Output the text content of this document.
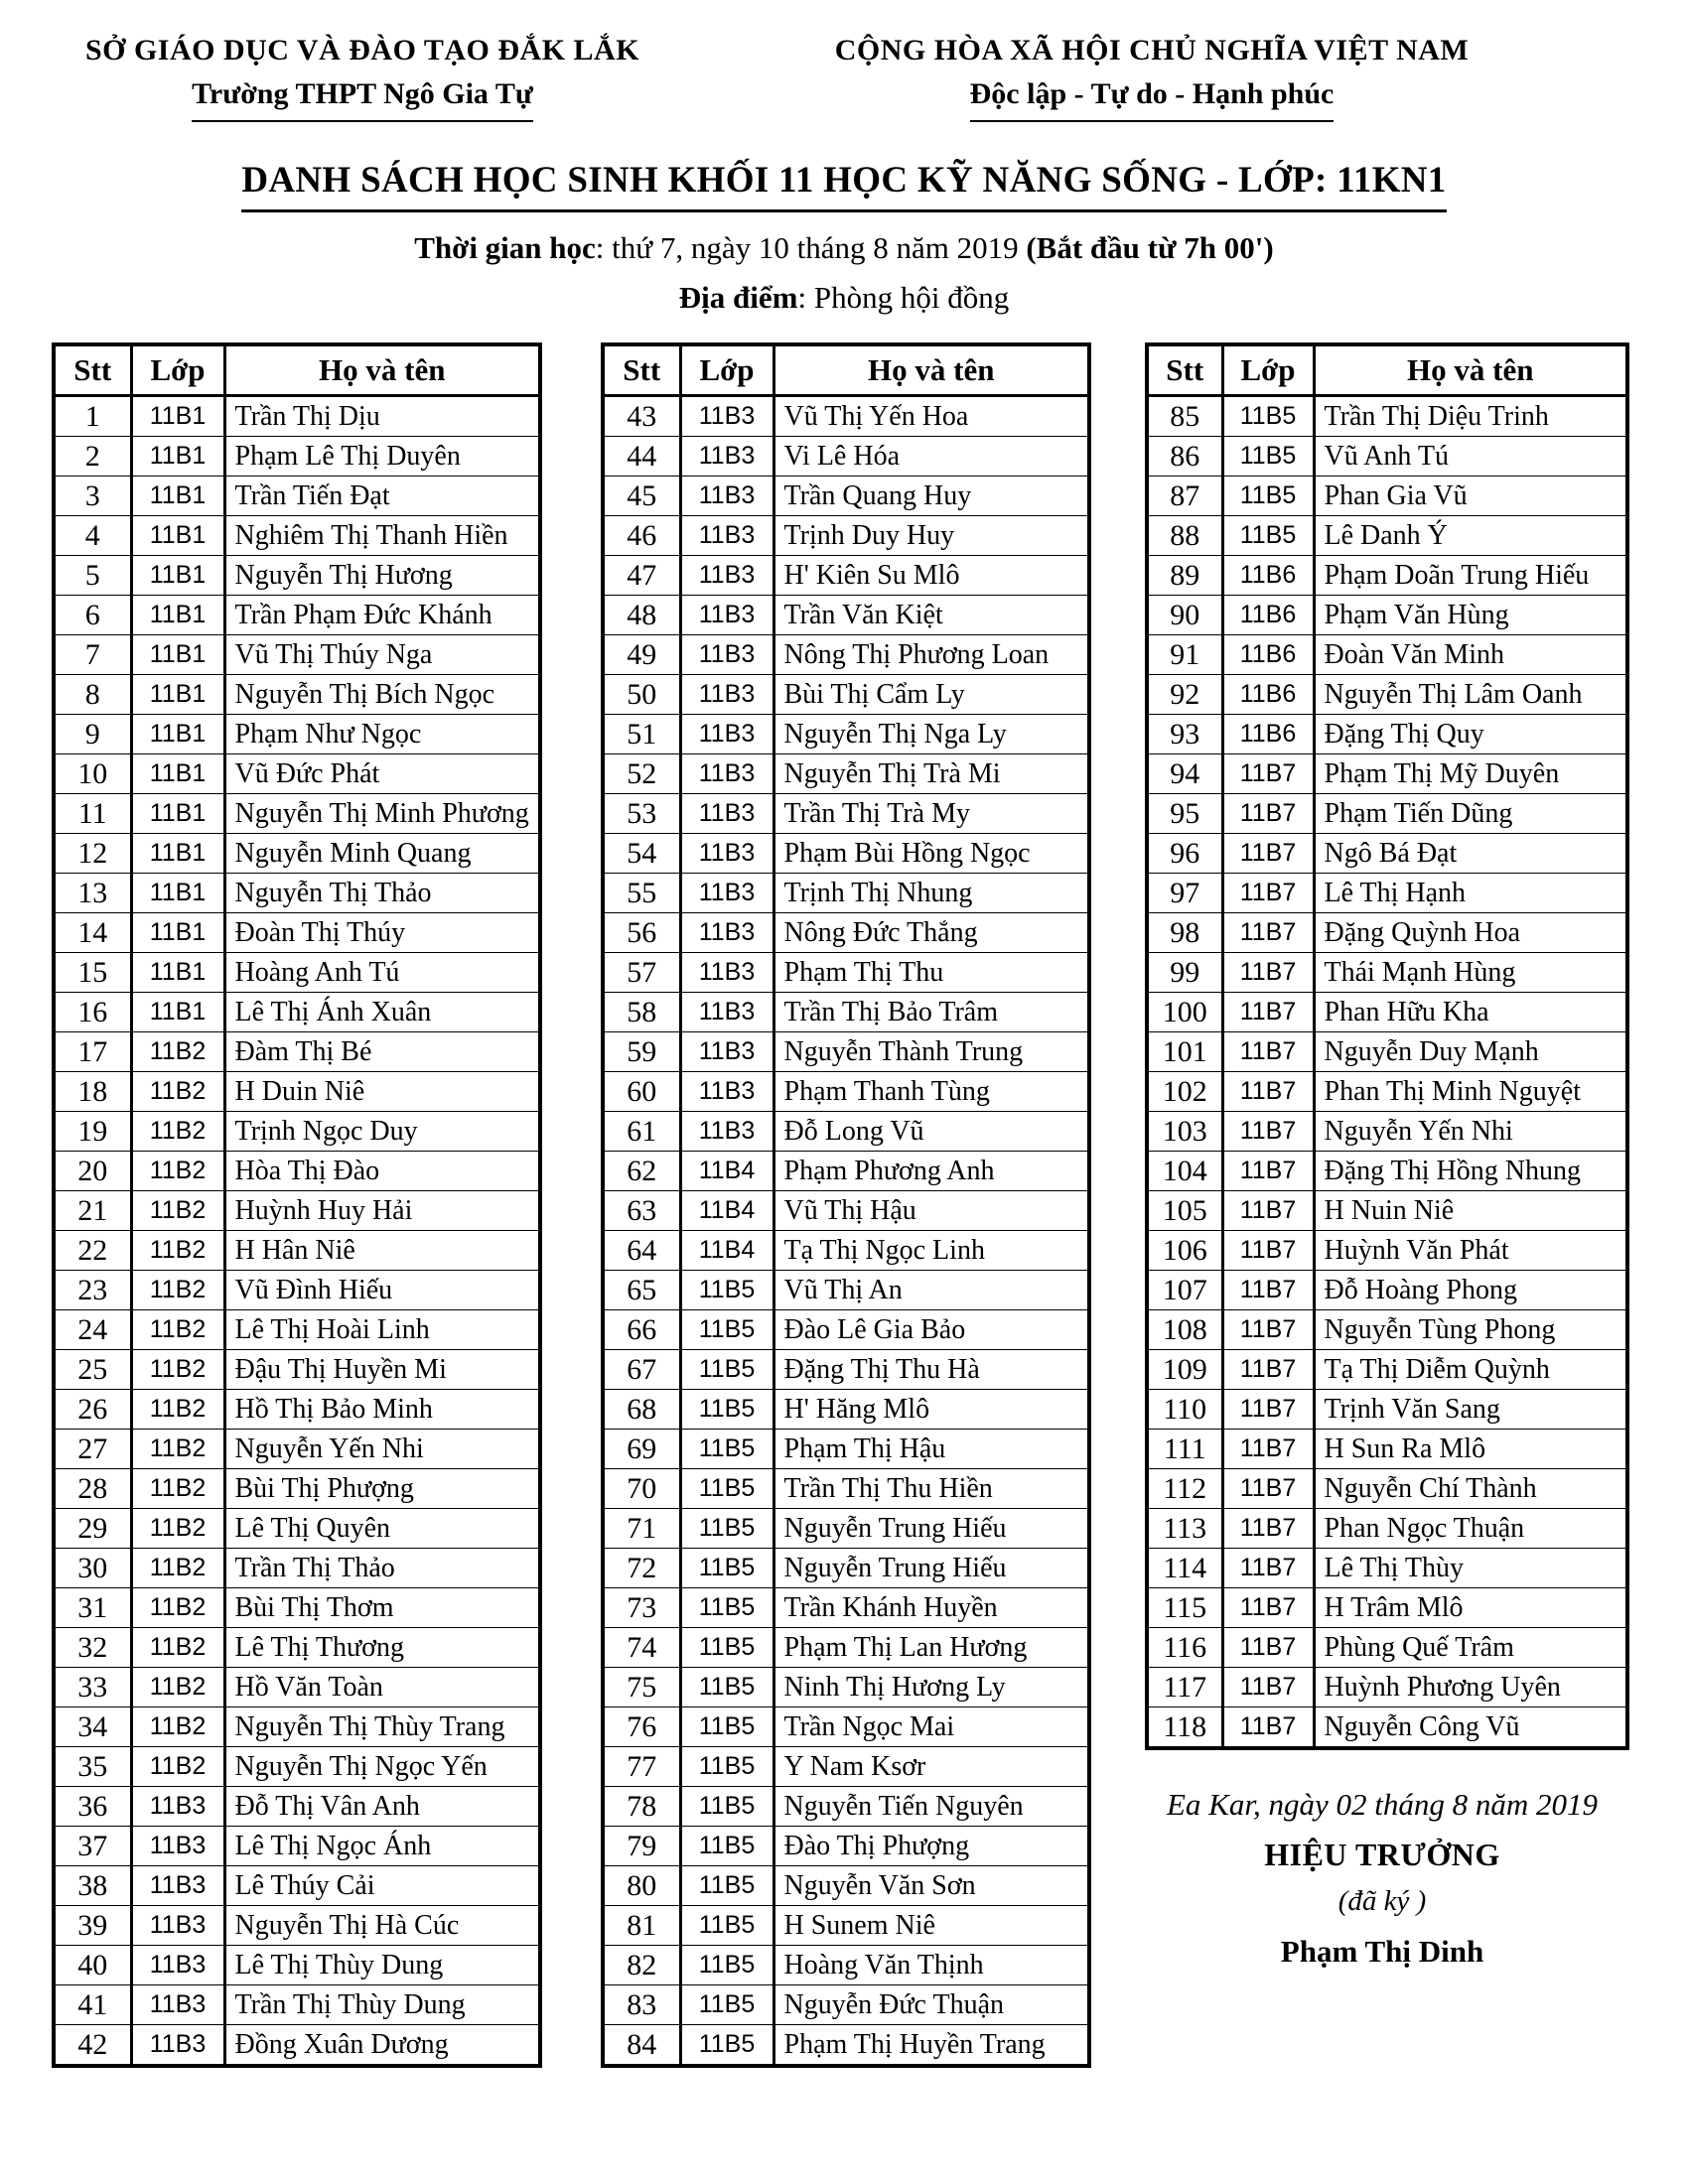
SỞ GIÁO DỤC VÀ ĐÀO TẠO ĐẮK LẮK
Trường THPT Ngô Gia Tự
CỘNG HÒA XÃ HỘI CHỦ NGHĨA VIỆT NAM
Độc lập - Tự do - Hạnh phúc
DANH SÁCH HỌC SINH KHỐI 11 HỌC KỸ NĂNG SỐNG - LỚP: 11KN1
Thời gian học: thứ 7, ngày 10 tháng 8 năm 2019 (Bắt đầu từ 7h 00')
Địa điểm: Phòng hội đồng
Stt	Lớp	Họ và tên
1	11B1	Trần Thị Dịu
2	11B1	Phạm Lê Thị Duyên
3	11B1	Trần Tiến Đạt
4	11B1	Nghiêm Thị Thanh Hiền
5	11B1	Nguyễn Thị Hương
6	11B1	Trần Phạm Đức Khánh
7	11B1	Vũ Thị Thúy Nga
8	11B1	Nguyễn Thị Bích Ngọc
9	11B1	Phạm Như Ngọc
10	11B1	Vũ Đức Phát
11	11B1	Nguyễn Thị Minh Phương
12	11B1	Nguyễn Minh Quang
13	11B1	Nguyễn Thị Thảo
14	11B1	Đoàn Thị Thúy
15	11B1	Hoàng Anh Tú
16	11B1	Lê Thị Ánh Xuân
17	11B2	Đàm Thị Bé
18	11B2	H Duin Niê
19	11B2	Trịnh Ngọc Duy
20	11B2	Hòa Thị Đào
21	11B2	Huỳnh Huy Hải
22	11B2	H Hân Niê
23	11B2	Vũ Đình Hiếu
24	11B2	Lê Thị Hoài Linh
25	11B2	Đậu Thị Huyền Mi
26	11B2	Hồ Thị Bảo Minh
27	11B2	Nguyễn Yến Nhi
28	11B2	Bùi Thị Phượng
29	11B2	Lê Thị Quyên
30	11B2	Trần Thị Thảo
31	11B2	Bùi Thị Thơm
32	11B2	Lê Thị Thương
33	11B2	Hồ Văn Toàn
34	11B2	Nguyễn Thị Thùy Trang
35	11B2	Nguyễn Thị Ngọc Yến
36	11B3	Đỗ Thị Vân Anh
37	11B3	Lê Thị Ngọc Ánh
38	11B3	Lê Thúy Cải
39	11B3	Nguyễn Thị Hà Cúc
40	11B3	Lê Thị Thùy Dung
41	11B3	Trần Thị Thùy Dung
42	11B3	Đồng Xuân Dương
Stt	Lớp	Họ và tên
43	11B3	Vũ Thị Yến Hoa
44	11B3	Vi Lê Hóa
45	11B3	Trần Quang Huy
46	11B3	Trịnh Duy Huy
47	11B3	H' Kiên Su Mlô
48	11B3	Trần Văn Kiệt
49	11B3	Nông Thị Phương Loan
50	11B3	Bùi Thị Cẩm Ly
51	11B3	Nguyễn Thị Nga Ly
52	11B3	Nguyễn Thị Trà Mi
53	11B3	Trần Thị Trà My
54	11B3	Phạm Bùi Hồng Ngọc
55	11B3	Trịnh Thị Nhung
56	11B3	Nông Đức Thắng
57	11B3	Phạm Thị Thu
58	11B3	Trần Thị Bảo Trâm
59	11B3	Nguyễn Thành Trung
60	11B3	Phạm Thanh Tùng
61	11B3	Đỗ Long Vũ
62	11B4	Phạm Phương Anh
63	11B4	Vũ Thị Hậu
64	11B4	Tạ Thị Ngọc Linh
65	11B5	Vũ Thị An
66	11B5	Đào Lê Gia Bảo
67	11B5	Đặng Thị Thu Hà
68	11B5	H' Hăng Mlô
69	11B5	Phạm Thị Hậu
70	11B5	Trần Thị Thu Hiền
71	11B5	Nguyễn Trung Hiếu
72	11B5	Nguyễn Trung Hiếu
73	11B5	Trần Khánh Huyền
74	11B5	Phạm Thị Lan Hương
75	11B5	Ninh Thị Hương Ly
76	11B5	Trần Ngọc Mai
77	11B5	Y Nam Ksơr
78	11B5	Nguyễn Tiến Nguyên
79	11B5	Đào Thị Phượng
80	11B5	Nguyễn Văn Sơn
81	11B5	H Sunem Niê
82	11B5	Hoàng Văn Thịnh
83	11B5	Nguyễn Đức Thuận
84	11B5	Phạm Thị Huyền Trang
Stt	Lớp	Họ và tên
85	11B5	Trần Thị Diệu Trinh
86	11B5	Vũ Anh Tú
87	11B5	Phan Gia Vũ
88	11B5	Lê Danh Ý
89	11B6	Phạm Doãn Trung Hiếu
90	11B6	Phạm Văn Hùng
91	11B6	Đoàn Văn Minh
92	11B6	Nguyễn Thị Lâm Oanh
93	11B6	Đặng Thị Quy
94	11B7	Phạm Thị Mỹ Duyên
95	11B7	Phạm Tiến Dũng
96	11B7	Ngô Bá Đạt
97	11B7	Lê Thị Hạnh
98	11B7	Đặng Quỳnh Hoa
99	11B7	Thái Mạnh Hùng
100	11B7	Phan Hữu Kha
101	11B7	Nguyễn Duy Mạnh
102	11B7	Phan Thị Minh Nguyệt
103	11B7	Nguyễn Yến Nhi
104	11B7	Đặng Thị Hồng Nhung
105	11B7	H Nuin Niê
106	11B7	Huỳnh Văn Phát
107	11B7	Đỗ Hoàng Phong
108	11B7	Nguyễn Tùng Phong
109	11B7	Tạ Thị Diễm Quỳnh
110	11B7	Trịnh Văn Sang
111	11B7	H Sun Ra Mlô
112	11B7	Nguyễn Chí Thành
113	11B7	Phan Ngọc Thuận
114	11B7	Lê Thị Thùy
115	11B7	H Trâm Mlô
116	11B7	Phùng Quế Trâm
117	11B7	Huỳnh Phương Uyên
118	11B7	Nguyễn Công Vũ
Ea Kar, ngày 02 tháng 8 năm 2019
HIỆU TRƯỞNG
(đã ký )
Phạm Thị Dinh
